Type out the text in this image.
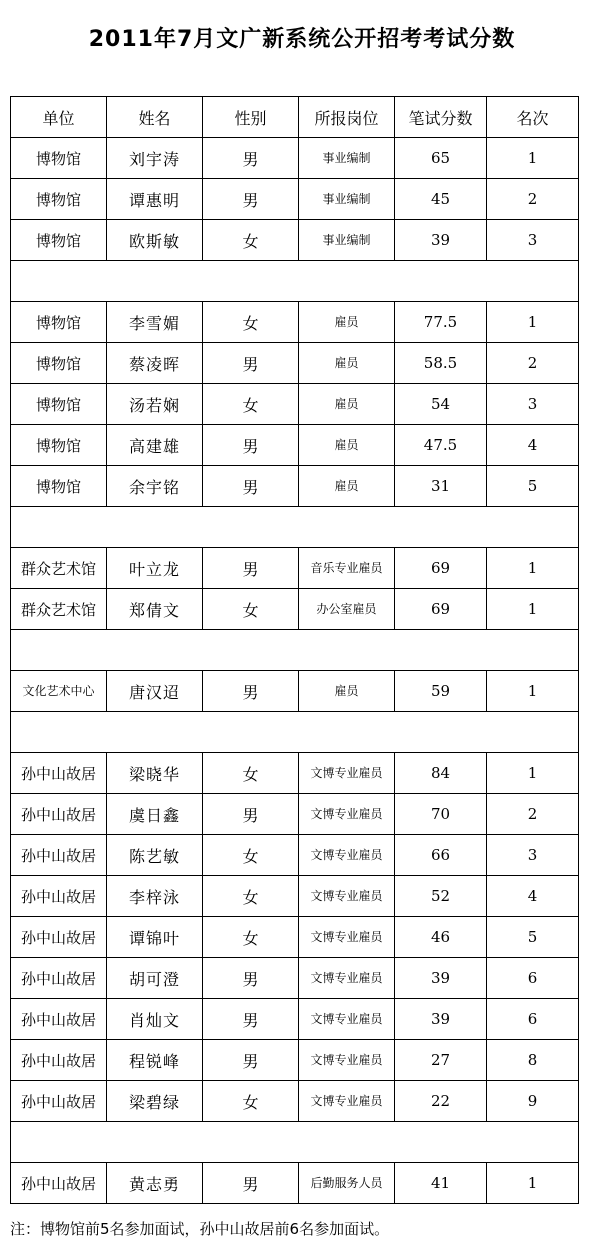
2011年7月文广新系统公开招考考试分数
单位	姓名	性别	所报岗位	笔试分数	名次
博物馆	刘宇涛	男	事业编制	65	1
博物馆	谭惠明	男	事业编制	45	2
博物馆	欧斯敏	女	事业编制	39	3

博物馆	李雪媚	女	雇员	77.5	1
博物馆	蔡凌晖	男	雇员	58.5	2
博物馆	汤若娴	女	雇员	54	3
博物馆	高建雄	男	雇员	47.5	4
博物馆	余宇铭	男	雇员	31	5

群众艺术馆	叶立龙	男	音乐专业雇员	69	1
群众艺术馆	郑倩文	女	办公室雇员	69	1

文化艺术中心	唐汉迢	男	雇员	59	1

孙中山故居	梁晓华	女	文博专业雇员	84	1
孙中山故居	虞日鑫	男	文博专业雇员	70	2
孙中山故居	陈艺敏	女	文博专业雇员	66	3
孙中山故居	李梓泳	女	文博专业雇员	52	4
孙中山故居	谭锦叶	女	文博专业雇员	46	5
孙中山故居	胡可澄	男	文博专业雇员	39	6
孙中山故居	肖灿文	男	文博专业雇员	39	6
孙中山故居	程锐峰	男	文博专业雇员	27	8
孙中山故居	梁碧绿	女	文博专业雇员	22	9

孙中山故居	黄志勇	男	后勤服务人员	41	1
注：博物馆前5名参加面试，孙中山故居前6名参加面试。
